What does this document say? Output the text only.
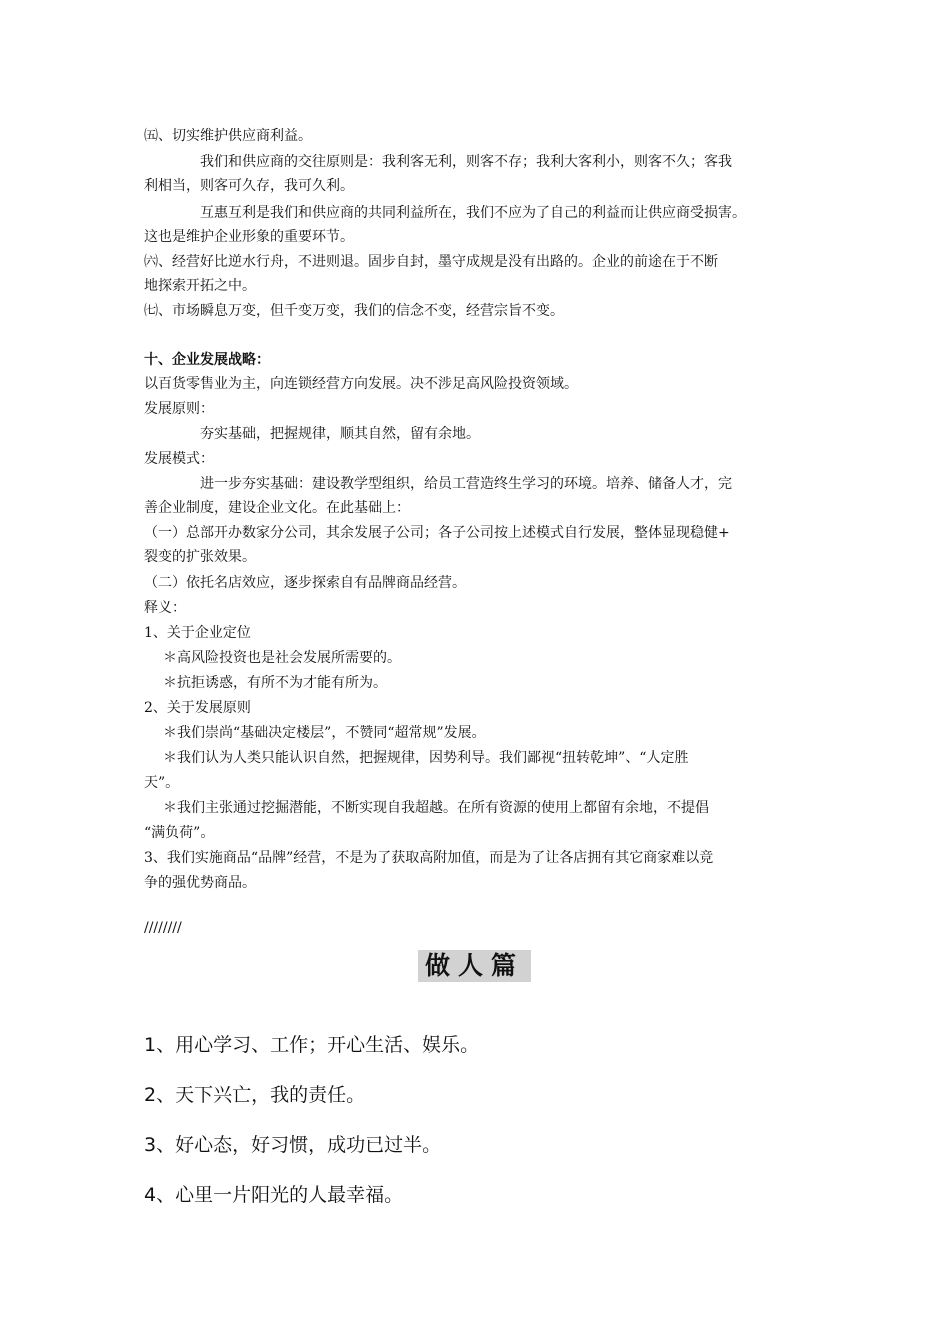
㈤、切实维护供应商利益。

我们和供应商的交往原则是：我利客无利，则客不存；我利大客利小，则客不久；客我

利相当，则客可久存，我可久利。

互惠互利是我们和供应商的共同利益所在，我们不应为了自己的利益而让供应商受损害。

这也是维护企业形象的重要环节。

㈥、经营好比逆水行舟，不进则退。固步自封，墨守成规是没有出路的。企业的前途在于不断

地探索开拓之中。

㈦、市场瞬息万变，但千变万变，我们的信念不变，经营宗旨不变。

十、企业发展战略：

以百货零售业为主，向连锁经营方向发展。决不涉足高风险投资领域。

发展原则：

夯实基础，把握规律，顺其自然，留有余地。

发展模式：

进一步夯实基础：建设教学型组织，给员工营造终生学习的环境。培养、储备人才，完

善企业制度，建设企业文化。在此基础上：

（一）总部开办数家分公司，其余发展子公司；各子公司按上述模式自行发展，整体显现稳健+

裂变的扩张效果。

（二）依托名店效应，逐步探索自有品牌商品经营。

释义：

1、关于企业定位

＊高风险投资也是社会发展所需要的。

＊抗拒诱惑，有所不为才能有所为。

2、关于发展原则

＊我们崇尚“基础决定楼层”，不赞同“超常规”发展。

＊我们认为人类只能认识自然，把握规律，因势利导。我们鄙视“扭转乾坤”、“人定胜

天”。

＊我们主张通过挖掘潜能，不断实现自我超越。在所有资源的使用上都留有余地，不提倡

“满负荷”。

3、我们实施商品“品牌”经营，不是为了获取高附加值，而是为了让各店拥有其它商家难以竞

争的强优势商品。

////////

做人篇

1、用心学习、工作；开心生活、娱乐。

2、天下兴亡，我的责任。

3、好心态，好习惯，成功已过半。

4、心里一片阳光的人最幸福。
